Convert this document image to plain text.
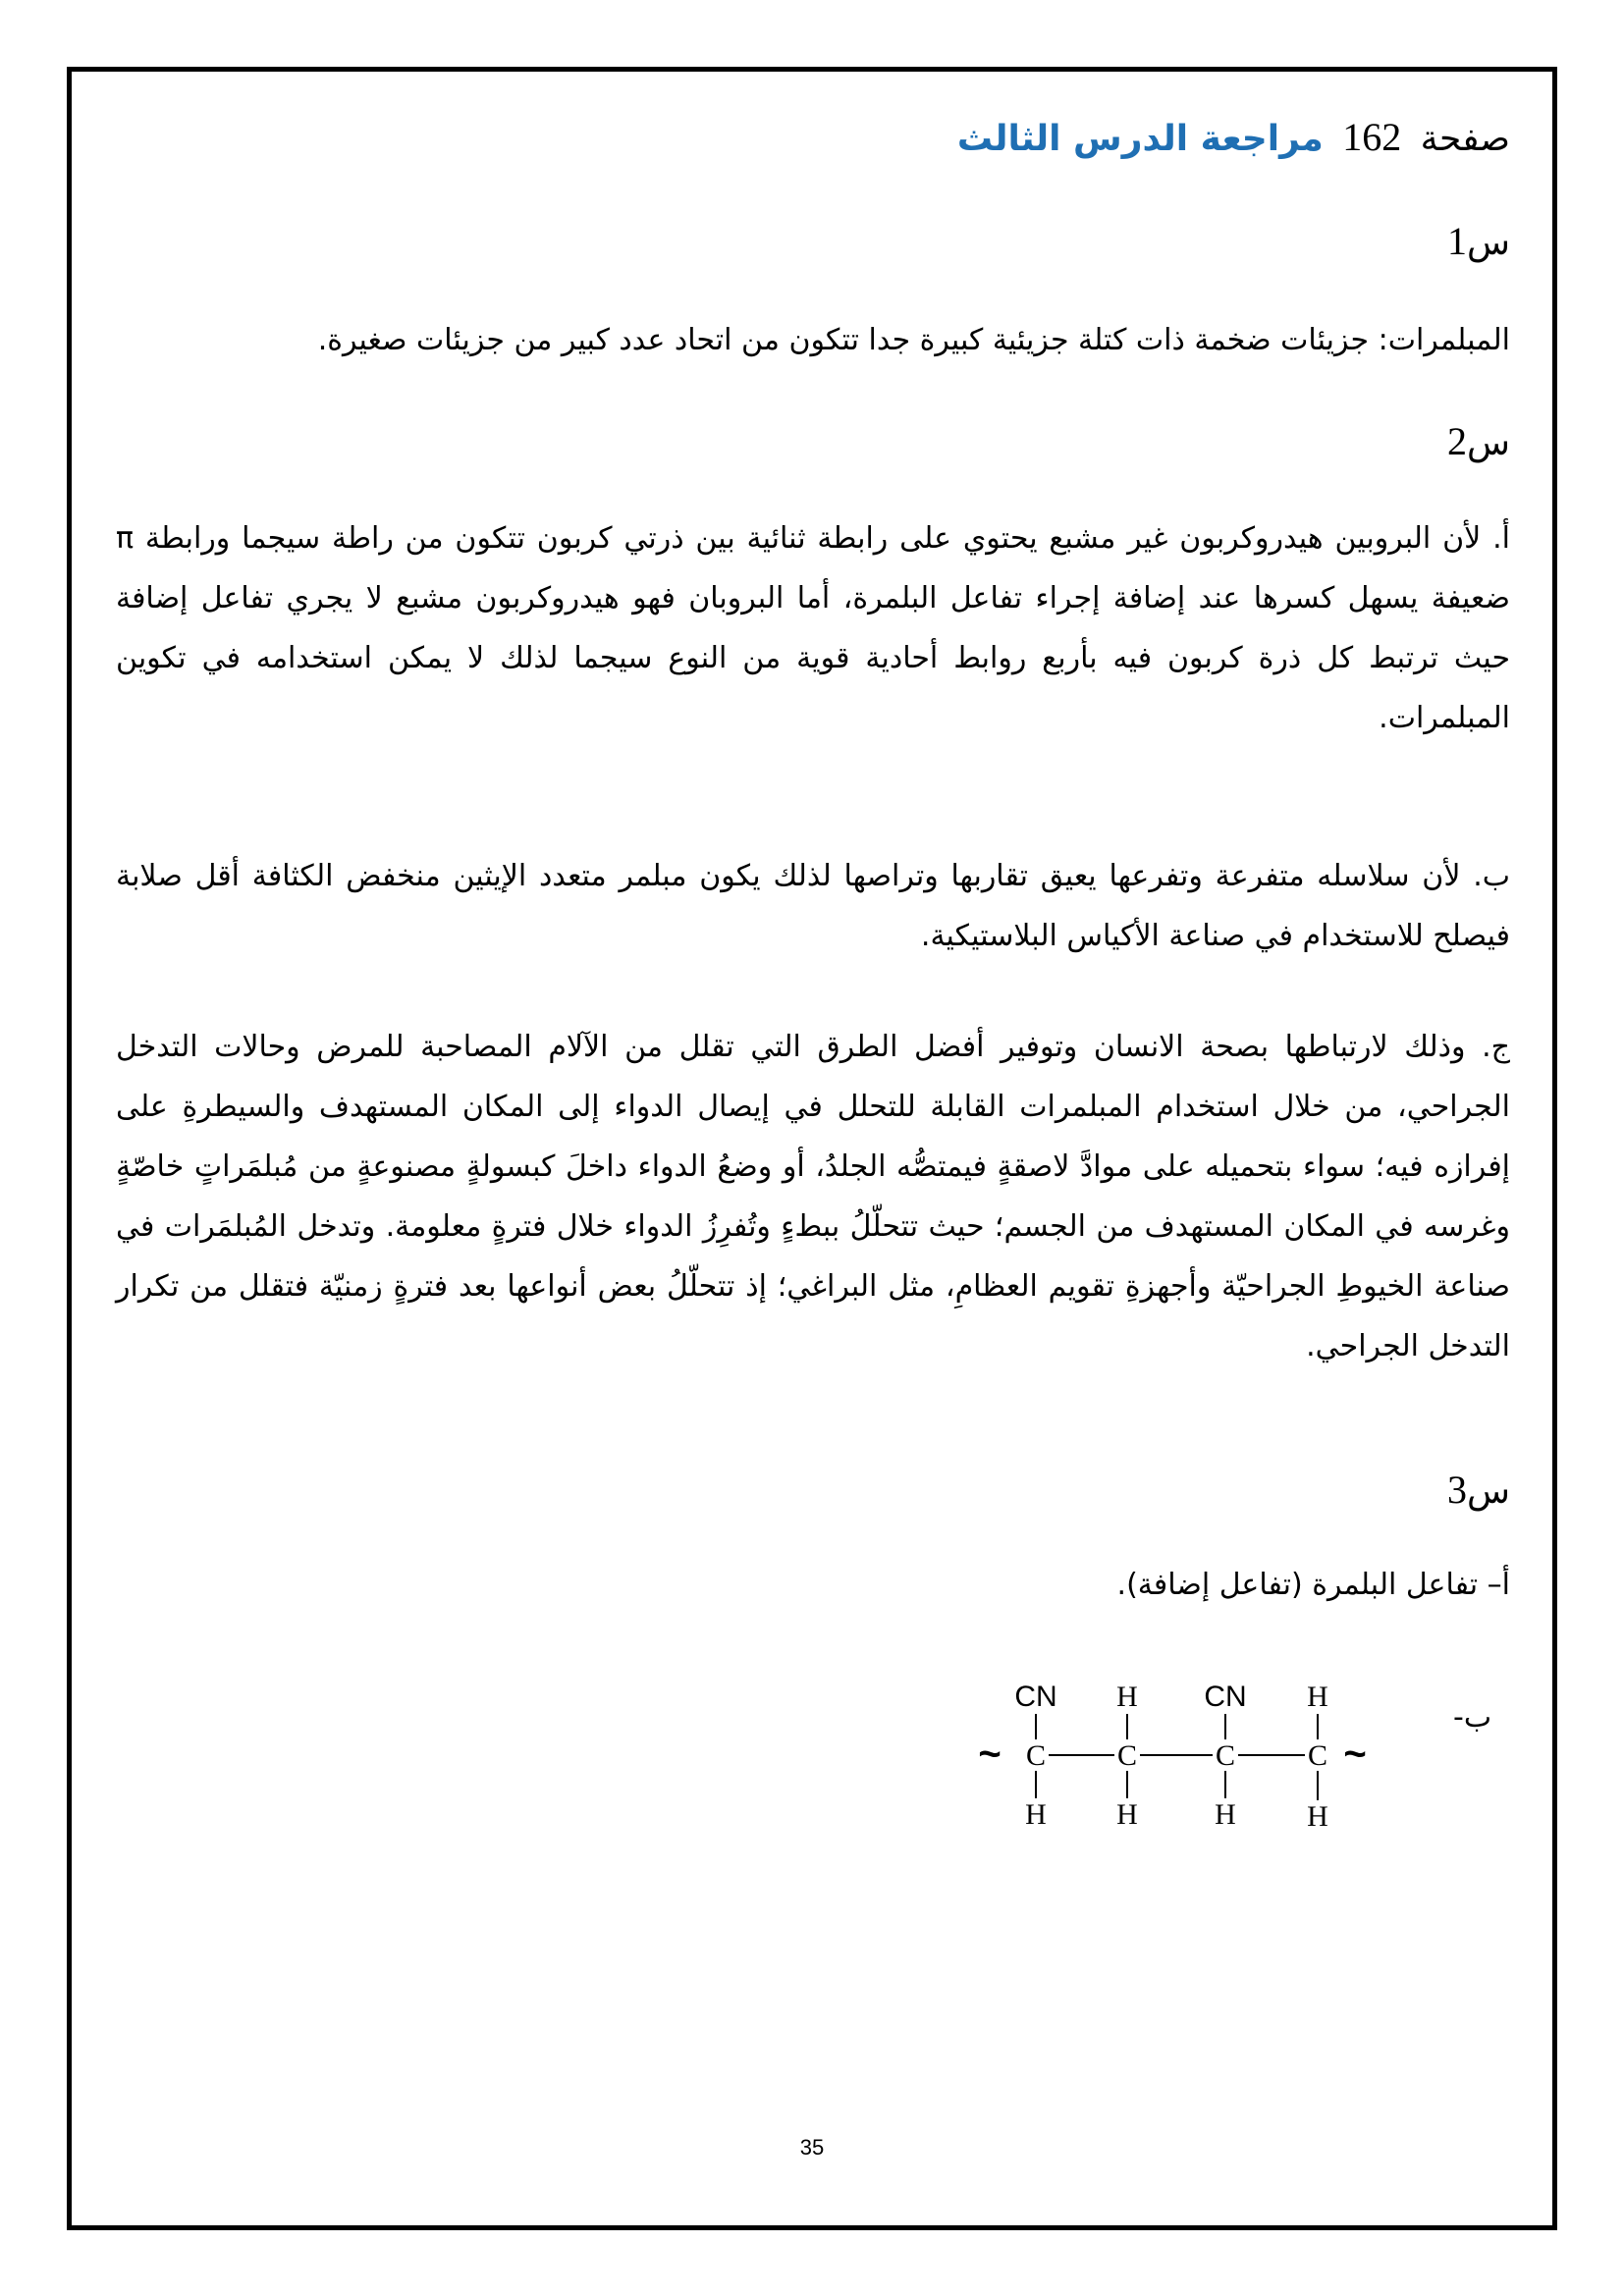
صفحة 162 مراجعة الدرس الثالث
س1
المبلمرات: جزيئات ضخمة ذات كتلة جزيئية كبيرة جدا تتكون من اتحاد عدد كبير من جزيئات صغيرة.
س2
أ. لأن البروبين هيدروكربون غير مشبع يحتوي على رابطة ثنائية بين ذرتي كربون تتكون من راطة سيجما ورابطة π ضعيفة يسهل كسرها عند إضافة إجراء تفاعل البلمرة، أما البروبان فهو هيدروكربون مشبع لا يجري تفاعل إضافة حيث ترتبط كل ذرة كربون فيه بأربع روابط أحادية قوية من النوع سيجما لذلك لا يمكن استخدامه في تكوين المبلمرات.
ب. لأن سلاسله متفرعة وتفرعها يعيق تقاربها وتراصها لذلك يكون مبلمر متعدد الإيثين منخفض الكثافة أقل صلابة فيصلح للاستخدام في صناعة الأكياس البلاستيكية.
ج. وذلك لارتباطها بصحة الانسان وتوفير أفضل الطرق التي تقلل من الآلام المصاحبة للمرض وحالات التدخل الجراحي، من خلال استخدام المبلمرات القابلة للتحلل في إيصال الدواء إلى المكان المستهدف والسيطرةِ على إفرازه فيه؛ سواء بتحميله على موادَّ لاصقةٍ فيمتصُّه الجلدُ، أو وضعُ الدواء داخلَ كبسولةٍ مصنوعةٍ من مُبلمَراتٍ خاصّةٍ وغرسه في المكان المستهدف من الجسم؛ حيث تتحلّلُ ببطءٍ وتُفرِزُ الدواء خلال فترةٍ معلومة. وتدخل المُبلمَرات في صناعة الخيوطِ الجراحيّة وأجهزةِ تقويم العظامِ، مثل البراغي؛ إذ تتحلّلُ بعض أنواعها بعد فترةٍ زمنيّة فتقلل من تكرار التدخل الجراحي.
س3
أ– تفاعل البلمرة (تفاعل إضافة).
ب-
CN H CN H
C C	C C
H H	H H
~	~
35
